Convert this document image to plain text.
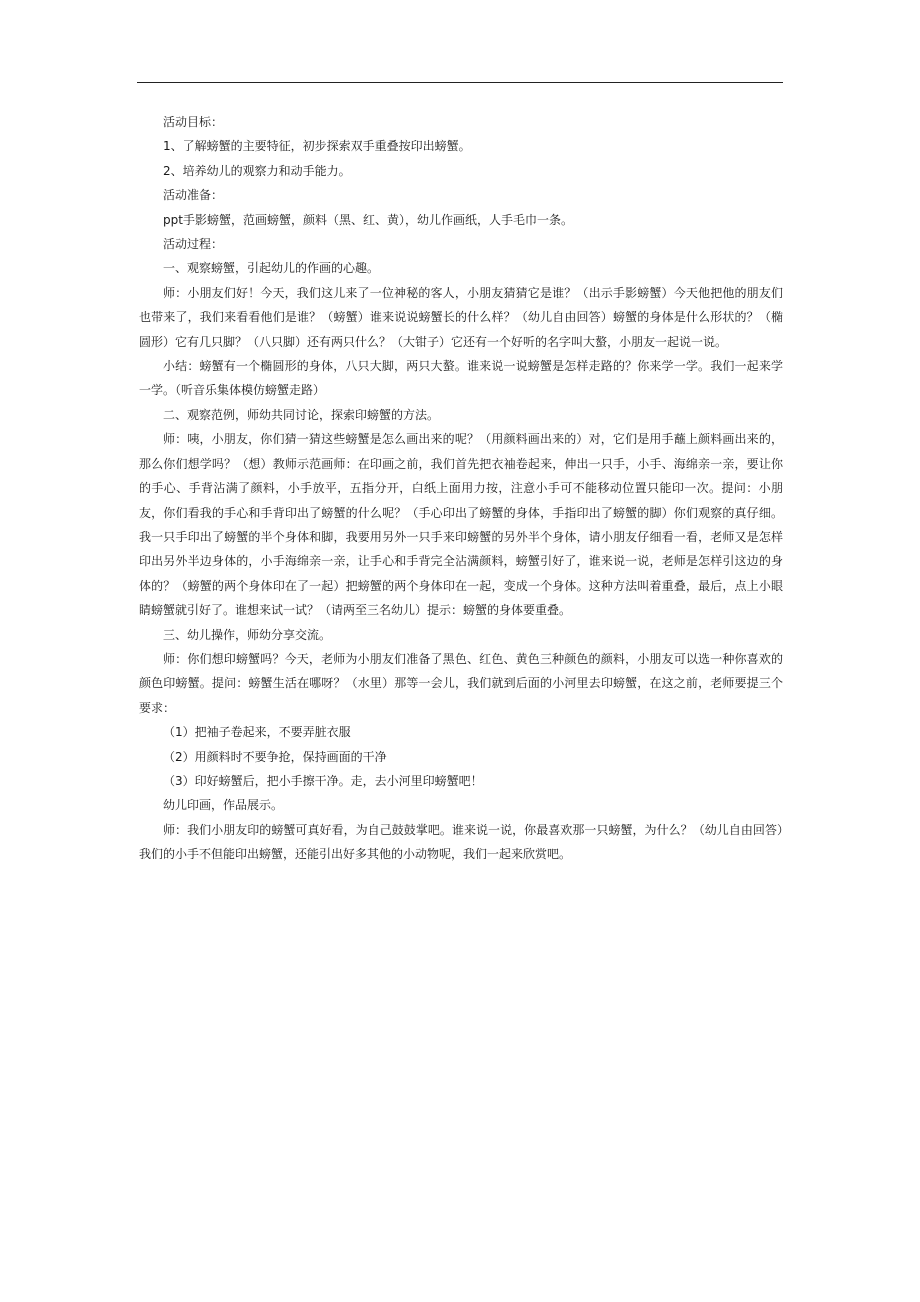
活动目标：

1、了解螃蟹的主要特征，初步探索双手重叠按印出螃蟹。

2、培养幼儿的观察力和动手能力。

活动准备：

ppt手影螃蟹，范画螃蟹，颜料（黑、红、黄），幼儿作画纸，人手毛巾一条。

活动过程：

一、观察螃蟹，引起幼儿的作画的心趣。

师：小朋友们好！今天，我们这儿来了一位神秘的客人，小朋友猜猜它是谁？（出示手影螃蟹）今天他把他的朋友们也带来了，我们来看看他们是谁？（螃蟹）谁来说说螃蟹长的什么样？（幼儿自由回答）螃蟹的身体是什么形状的？（椭圆形）它有几只脚？（八只脚）还有两只什么？（大钳子）它还有一个好听的名字叫大螯，小朋友一起说一说。

小结：螃蟹有一个椭圆形的身体，八只大脚，两只大螯。谁来说一说螃蟹是怎样走路的？你来学一学。我们一起来学一学。（听音乐集体模仿螃蟹走路）

二、观察范例，师幼共同讨论，探索印螃蟹的方法。

师：咦，小朋友，你们猜一猜这些螃蟹是怎么画出来的呢？（用颜料画出来的）对，它们是用手蘸上颜料画出来的，那么你们想学吗？（想）教师示范画师：在印画之前，我们首先把衣袖卷起来，伸出一只手，小手、海绵亲一亲，要让你的手心、手背沾满了颜料，小手放平，五指分开，白纸上面用力按，注意小手可不能移动位置只能印一次。提问：小朋友，你们看我的手心和手背印出了螃蟹的什么呢？（手心印出了螃蟹的身体，手指印出了螃蟹的脚）你们观察的真仔细。我一只手印出了螃蟹的半个身体和脚，我要用另外一只手来印螃蟹的另外半个身体，请小朋友仔细看一看，老师又是怎样印出另外半边身体的，小手海绵亲一亲，让手心和手背完全沾满颜料，螃蟹引好了，谁来说一说，老师是怎样引这边的身体的？（螃蟹的两个身体印在了一起）把螃蟹的两个身体印在一起，变成一个身体。这种方法叫着重叠，最后，点上小眼睛螃蟹就引好了。谁想来试一试？（请两至三名幼儿）提示：螃蟹的身体要重叠。

三、幼儿操作，师幼分享交流。

师：你们想印螃蟹吗？今天，老师为小朋友们准备了黑色、红色、黄色三种颜色的颜料，小朋友可以选一种你喜欢的颜色印螃蟹。提问：螃蟹生活在哪呀？（水里）那等一会儿，我们就到后面的小河里去印螃蟹，在这之前，老师要提三个要求：

（1）把袖子卷起来，不要弄脏衣服

（2）用颜料时不要争抢，保持画面的干净

（3）印好螃蟹后，把小手擦干净。走，去小河里印螃蟹吧！

幼儿印画，作品展示。

师：我们小朋友印的螃蟹可真好看，为自己鼓鼓掌吧。谁来说一说，你最喜欢那一只螃蟹，为什么？（幼儿自由回答）我们的小手不但能印出螃蟹，还能引出好多其他的小动物呢，我们一起来欣赏吧。
